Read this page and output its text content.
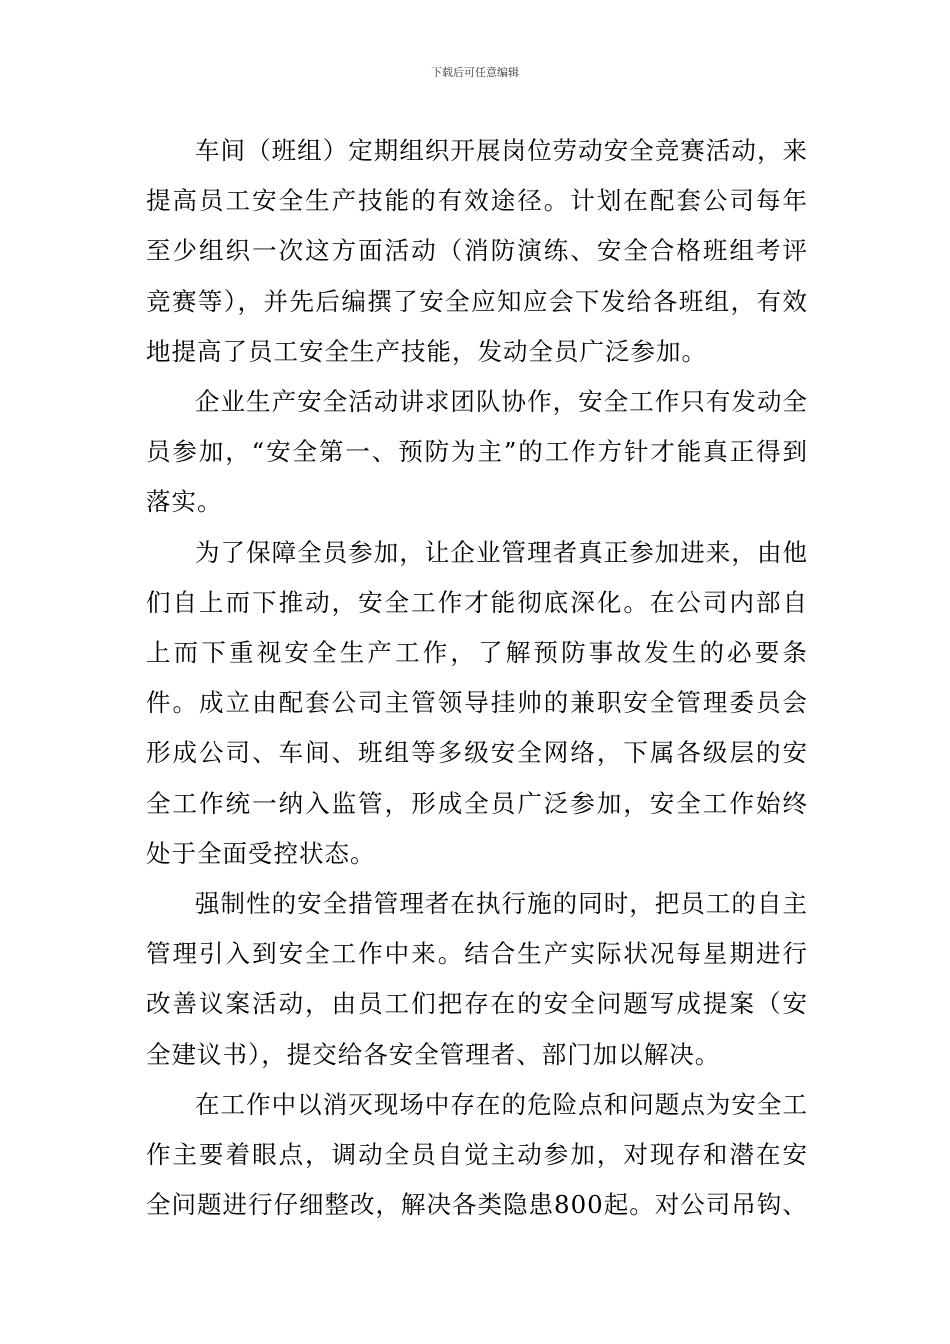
下载后可任意编辑

车间（班组）定期组织开展岗位劳动安全竞赛活动，来提高员工安全生产技能的有效途径。计划在配套公司每年至少组织一次这方面活动（消防演练、安全合格班组考评竞赛等），并先后编撰了安全应知应会下发给各班组，有效地提高了员工安全生产技能，发动全员广泛参加。

企业生产安全活动讲求团队协作，安全工作只有发动全员参加，“安全第一、预防为主”的工作方针才能真正得到落实。

为了保障全员参加，让企业管理者真正参加进来，由他们自上而下推动，安全工作才能彻底深化。在公司内部自上而下重视安全生产工作，了解预防事故发生的必要条件。成立由配套公司主管领导挂帅的兼职安全管理委员会形成公司、车间、班组等多级安全网络，下属各级层的安全工作统一纳入监管，形成全员广泛参加，安全工作始终处于全面受控状态。

强制性的安全措管理者在执行施的同时，把员工的自主管理引入到安全工作中来。结合生产实际状况每星期进行改善议案活动，由员工们把存在的安全问题写成提案（安全建议书），提交给各安全管理者、部门加以解决。

在工作中以消灭现场中存在的危险点和问题点为安全工作主要着眼点，调动全员自觉主动参加，对现存和潜在安全问题进行仔细整改，解决各类隐患800起。对公司吊钩、
